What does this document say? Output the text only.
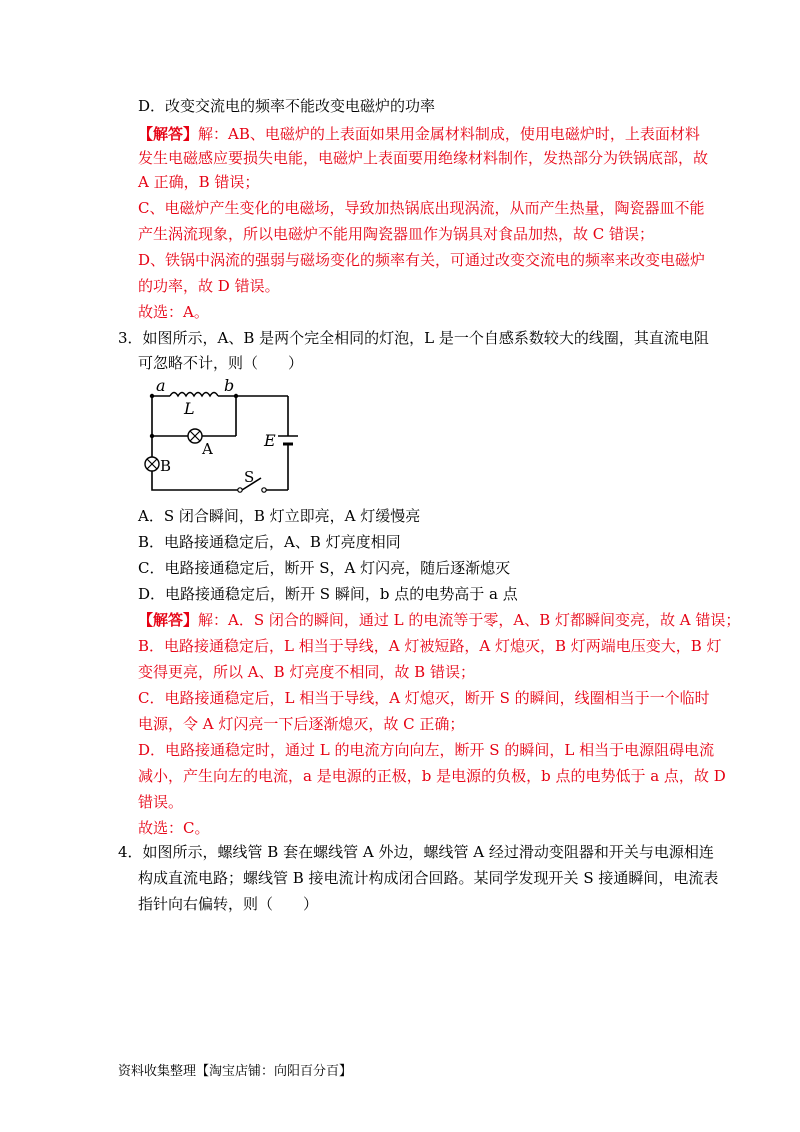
D．改变交流电的频率不能改变电磁炉的功率
【解答】解：AB、电磁炉的上表面如果用金属材料制成，使用电磁炉时，上表面材料
发生电磁感应要损失电能，电磁炉上表面要用绝缘材料制作，发热部分为铁锅底部，故
A 正确，B 错误；
C、电磁炉产生变化的电磁场，导致加热锅底出现涡流，从而产生热量，陶瓷器皿不能
产生涡流现象，所以电磁炉不能用陶瓷器皿作为锅具对食品加热，故 C 错误；
D、铁锅中涡流的强弱与磁场变化的频率有关，可通过改变交流电的频率来改变电磁炉
的功率，故 D 错误。
故选：A。
3．如图所示，A、B 是两个完全相同的灯泡，L 是一个自感系数较大的线圈，其直流电阻
可忽略不计，则（　　）
a	b
L
A
B
E
S
A．S 闭合瞬间，B 灯立即亮，A 灯缓慢亮
B．电路接通稳定后，A、B 灯亮度相同
C．电路接通稳定后，断开 S，A 灯闪亮，随后逐渐熄灭
D．电路接通稳定后，断开 S 瞬间，b 点的电势高于 a 点
【解答】解：A．S 闭合的瞬间，通过 L 的电流等于零，A、B 灯都瞬间变亮，故 A 错误；
B．电路接通稳定后，L 相当于导线，A 灯被短路，A 灯熄灭，B 灯两端电压变大，B 灯
变得更亮，所以 A、B 灯亮度不相同，故 B 错误；
C．电路接通稳定后，L 相当于导线，A 灯熄灭，断开 S 的瞬间，线圈相当于一个临时
电源，令 A 灯闪亮一下后逐渐熄灭，故 C 正确；
D．电路接通稳定时，通过 L 的电流方向向左，断开 S 的瞬间，L 相当于电源阻碍电流
减小，产生向左的电流，a 是电源的正极，b 是电源的负极，b 点的电势低于 a 点，故 D
错误。
故选：C。
4．如图所示，螺线管 B 套在螺线管 A 外边，螺线管 A 经过滑动变阻器和开关与电源相连
构成直流电路；螺线管 B 接电流计构成闭合回路。某同学发现开关 S 接通瞬间，电流表
指针向右偏转，则（　　）
资料收集整理【淘宝店铺：向阳百分百】
